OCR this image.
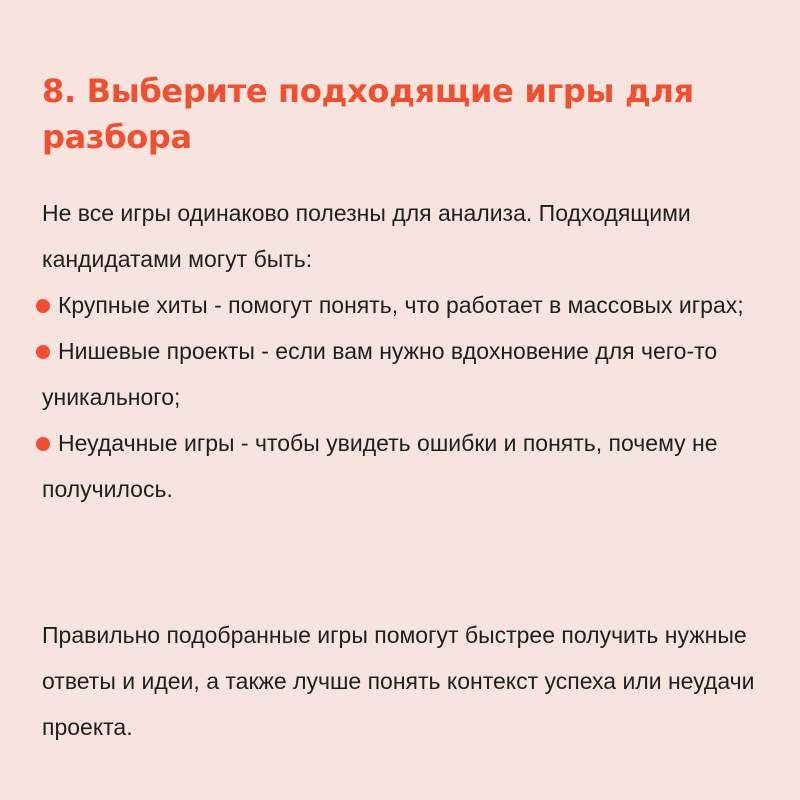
8. Выберите подходящие игры для разбора

Не все игры одинаково полезны для анализа. Подходящими кандидатами могут быть:

Крупные хиты - помогут понять, что работает в массовых играх;
Нишевые проекты - если вам нужно вдохновение для чего-то уникального;
Неудачные игры - чтобы увидеть ошибки и понять, почему не получилось.

Правильно подобранные игры помогут быстрее получить нужные ответы и идеи, а также лучше понять контекст успеха или неудачи проекта.
